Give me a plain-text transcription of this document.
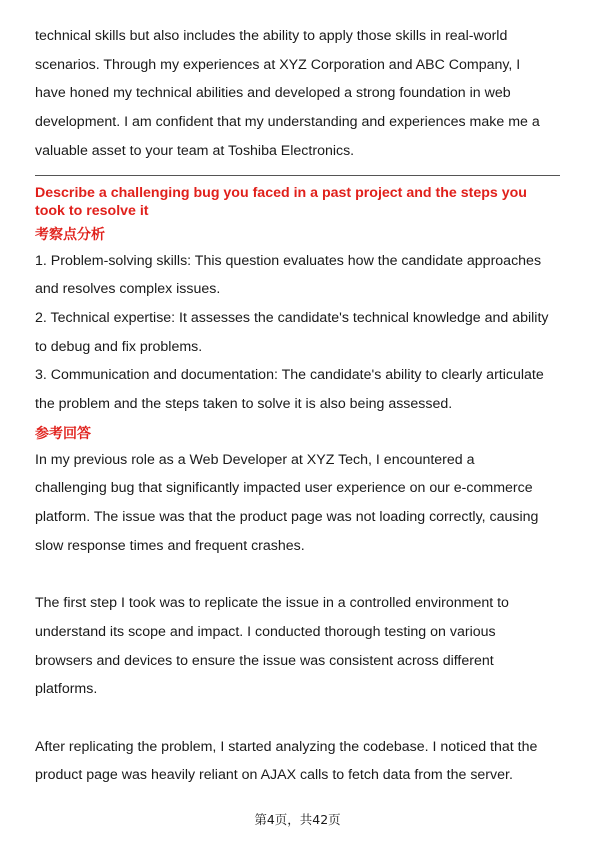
technical skills but also includes the ability to apply those skills in real-world
scenarios. Through my experiences at XYZ Corporation and ABC Company, I
have honed my technical abilities and developed a strong foundation in web
development. I am confident that my understanding and experiences make me a
valuable asset to your team at Toshiba Electronics.

Describe a challenging bug you faced in a past project and the steps you
took to resolve it

考察点分析

1. Problem-solving skills: This question evaluates how the candidate approaches
and resolves complex issues.
2. Technical expertise: It assesses the candidate's technical knowledge and ability
to debug and fix problems.
3. Communication and documentation: The candidate's ability to clearly articulate
the problem and the steps taken to solve it is also being assessed.

参考回答

In my previous role as a Web Developer at XYZ Tech, I encountered a
challenging bug that significantly impacted user experience on our e-commerce
platform. The issue was that the product page was not loading correctly, causing
slow response times and frequent crashes.

The first step I took was to replicate the issue in a controlled environment to
understand its scope and impact. I conducted thorough testing on various
browsers and devices to ensure the issue was consistent across different
platforms.

After replicating the problem, I started analyzing the codebase. I noticed that the
product page was heavily reliant on AJAX calls to fetch data from the server.

第4页，共42页
